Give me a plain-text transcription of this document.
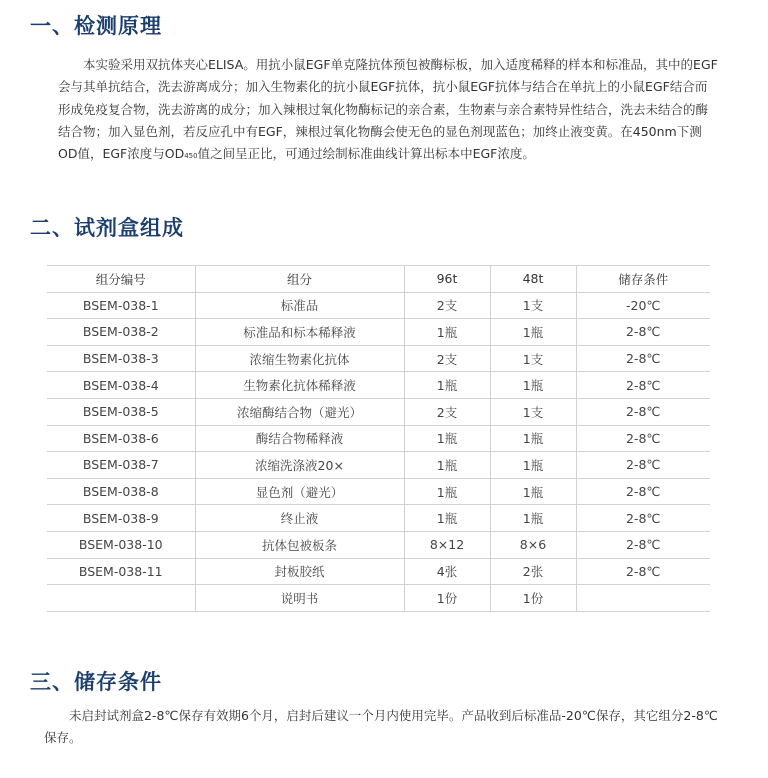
一、检测原理

本实验采用双抗体夹心ELISA。用抗小鼠EGF单克隆抗体预包被酶标板，加入适度稀释的样本和标准品，其中的EGF会与其单抗结合，洗去游离成分；加入生物素化的抗小鼠EGF抗体，抗小鼠EGF抗体与结合在单抗上的小鼠EGF结合而形成免疫复合物，洗去游离的成分；加入辣根过氧化物酶标记的亲合素，生物素与亲合素特异性结合，洗去未结合的酶结合物；加入显色剂，若反应孔中有EGF，辣根过氧化物酶会使无色的显色剂现蓝色；加终止液变黄。在450nm下测OD值，EGF浓度与OD450值之间呈正比，可通过绘制标准曲线计算出标本中EGF浓度。

二、试剂盒组成
组分编号	组分	96t	48t	储存条件
BSEM-038-1	标准品	2支	1支	-20℃
BSEM-038-2	标准品和标本稀释液	1瓶	1瓶	2-8℃
BSEM-038-3	浓缩生物素化抗体	2支	1支	2-8℃
BSEM-038-4	生物素化抗体稀释液	1瓶	1瓶	2-8℃
BSEM-038-5	浓缩酶结合物（避光）	2支	1支	2-8℃
BSEM-038-6	酶结合物稀释液	1瓶	1瓶	2-8℃
BSEM-038-7	浓缩洗涤液20×	1瓶	1瓶	2-8℃
BSEM-038-8	显色剂（避光）	1瓶	1瓶	2-8℃
BSEM-038-9	终止液	1瓶	1瓶	2-8℃
BSEM-038-10	抗体包被板条	8×12	8×6	2-8℃
BSEM-038-11	封板胶纸	4张	2张	2-8℃
	说明书	1份	1份	
三、储存条件

未启封试剂盒2-8℃保存有效期6个月，启封后建议一个月内使用完毕。产品收到后标准品-20℃保存，其它组分2-8℃保存。
